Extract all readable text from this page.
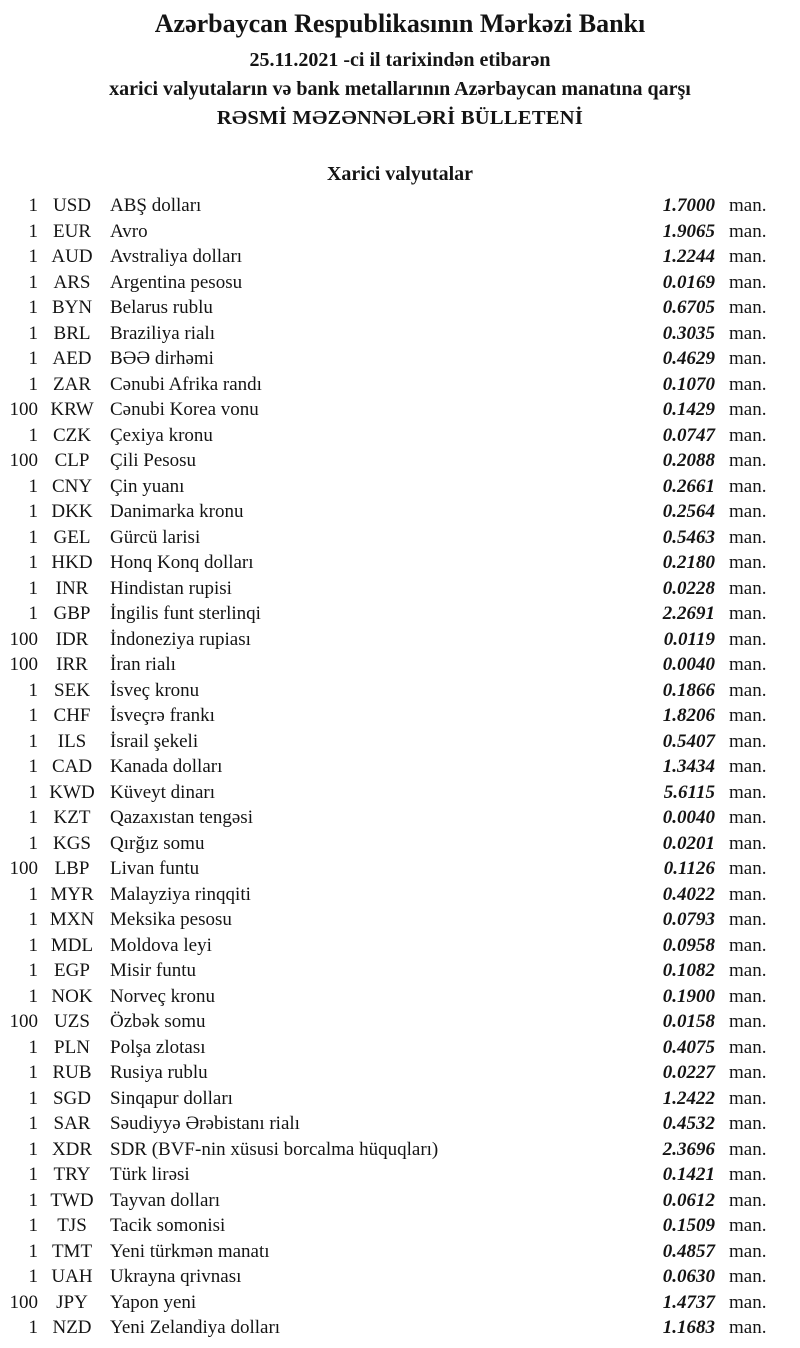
Azərbaycan Respublikasının Mərkəzi Bankı
25.11.2021 -ci il tarixindən etibarən
xarici valyutaların və bank metallarının Azərbaycan manatına qarşı
RƏSMİ MƏZƏNNƏLƏRİ BÜLLETENİ
Xarici valyutalar
1 USD	ABŞ dolları	1.7000 man.
1 EUR	Avro	1.9065 man.
1 AUD Avstraliya dolları	1.2244 man.
1 ARS	Argentina pesosu	0.0169 man.
1 BYN Belarus rublu	0.6705 man.
1 BRL	Braziliya rialı	0.3035 man.
1 AED BƏƏ dirhəmi	0.4629 man.
1 ZAR	Cənubi Afrika randı	0.1070 man.
100 KRW Cənubi Korea vonu	0.1429 man.
1 CZK	Çexiya kronu	0.0747 man.
100 CLP	Çili Pesosu	0.2088 man.
1 CNY Çin yuanı	0.2661 man.
1 DKK Danimarka kronu	0.2564 man.
1 GEL	Gürcü larisi	0.5463 man.
1 HKD Honq Konq dolları	0.2180 man.
1 INR	Hindistan rupisi	0.0228 man.
1 GBP	İngilis funt sterlinqi	2.2691 man.
100 IDR	İndoneziya rupiası	0.0119 man.
100 IRR	İran rialı	0.0040 man.
1 SEK	İsveç kronu	0.1866 man.
1 CHF	İsveçrə frankı	1.8206 man.
1	ILS	İsrail şekeli	0.5407 man.
1 CAD Kanada dolları	1.3434 man.
1 KWD Küveyt dinarı	5.6115 man.
1 KZT	Qazaxıstan tengəsi	0.0040 man.
1 KGS	Qırğız somu	0.0201 man.
100 LBP	Livan funtu	0.1126 man.
1 MYR Malayziya rinqqiti	0.4022 man.
1 MXN Meksika pesosu	0.0793 man.
1 MDL Moldova leyi	0.0958 man.
1 EGP	Misir funtu	0.1082 man.
1 NOK Norveç kronu	0.1900 man.
100 UZS	Özbək somu	0.0158 man.
1 PLN	Polşa zlotası	0.4075 man.
1 RUB Rusiya rublu	0.0227 man.
1 SGD	Sinqapur dolları	1.2422 man.
1 SAR	Səudiyyə Ərəbistanı rialı	0.4532 man.
1 XDR SDR (BVF-nin xüsusi borcalma hüquqları)	2.3696 man.
1 TRY	Türk lirəsi	0.1421 man.
1 TWD Tayvan dolları	0.0612 man.
1	TJS	Tacik somonisi	0.1509 man.
1 TMT Yeni türkmən manatı	0.4857 man.
1 UAH Ukrayna qrivnası	0.0630 man.
100 JPY	Yapon yeni	1.4737 man.
1 NZD Yeni Zelandiya dolları	1.1683 man.
